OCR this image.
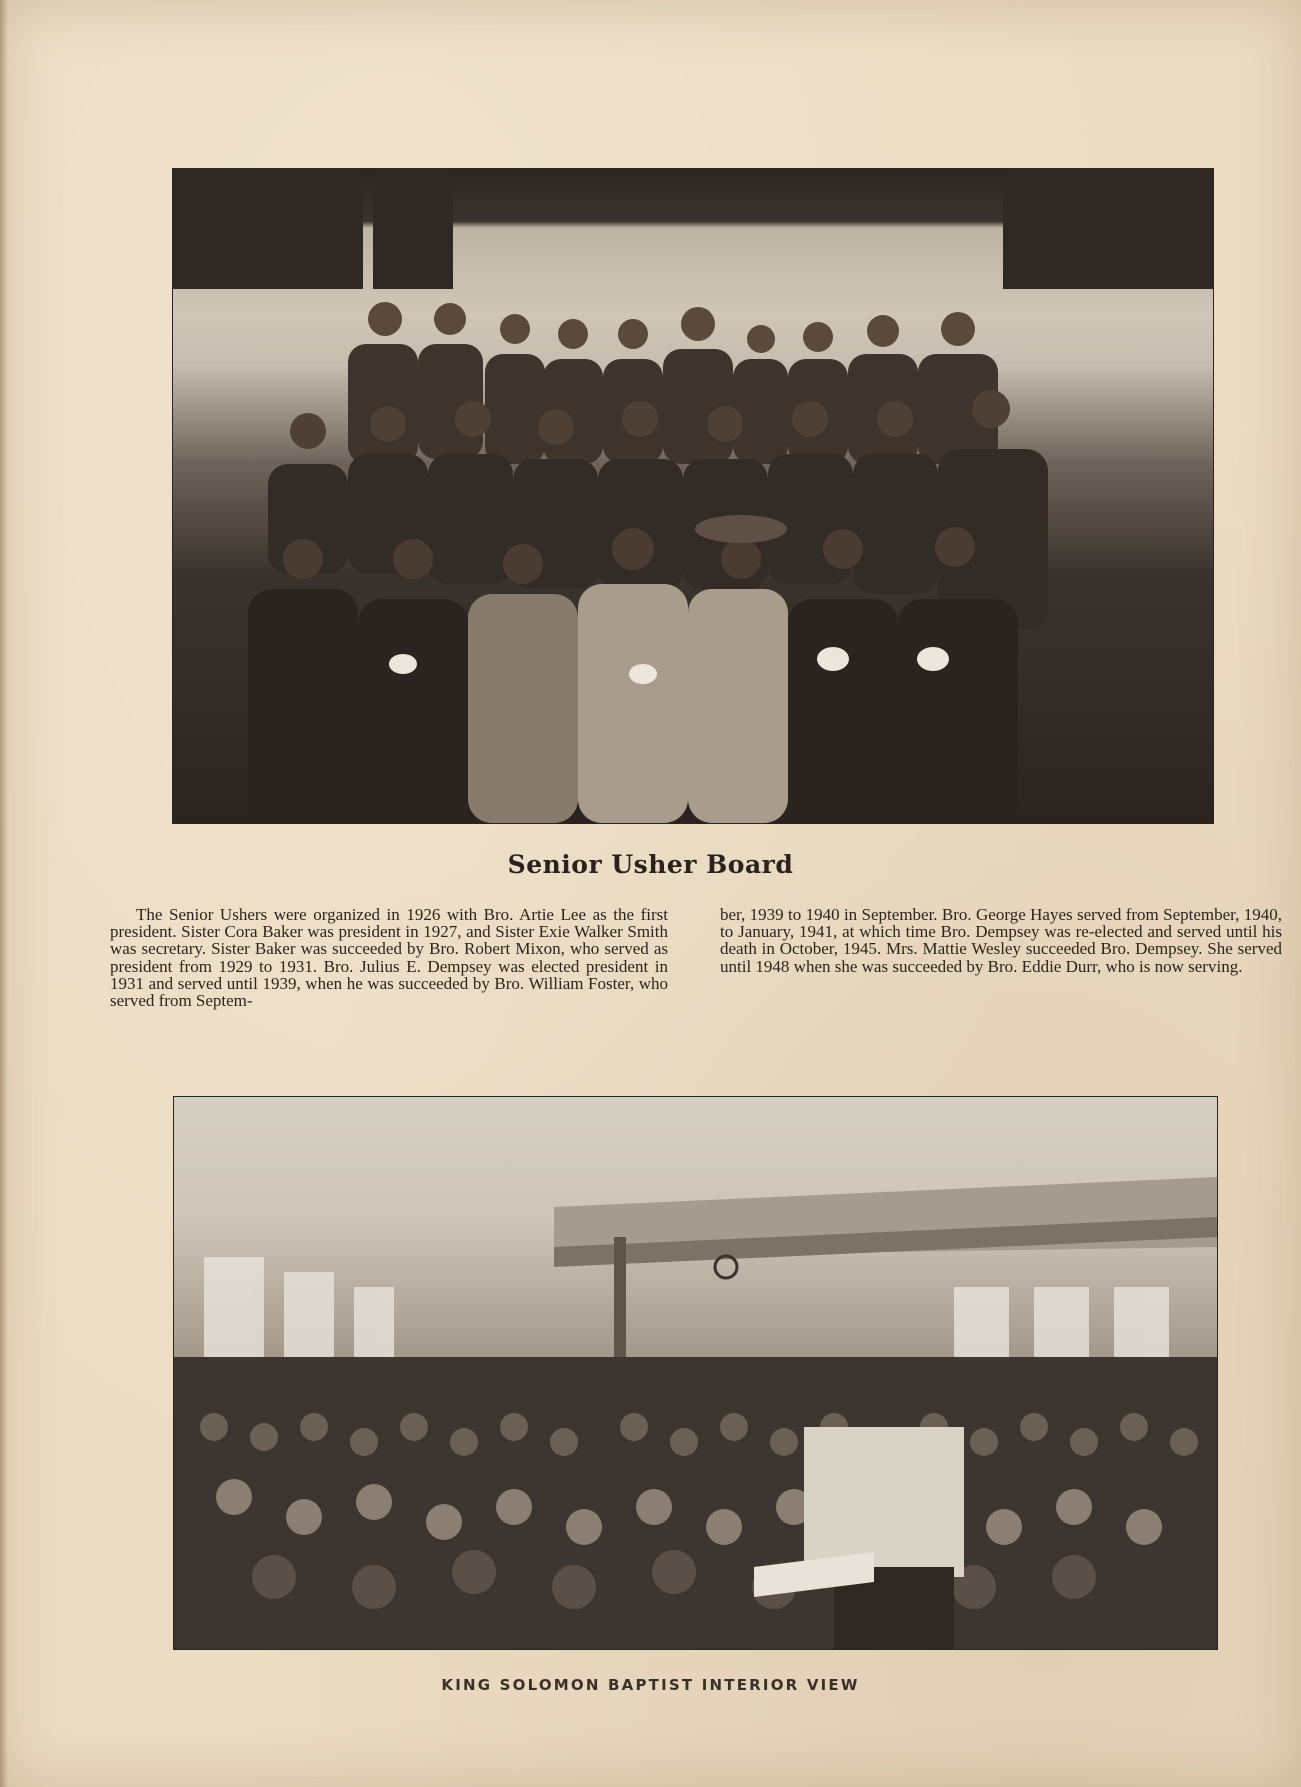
Senior Usher Board

The Senior Ushers were organized in 1926 with Bro. Artie Lee as the first president. Sister Cora Baker was president in 1927, and Sister Exie Walker Smith was secretary. Sister Baker was succeeded by Bro. Robert Mixon, who served as president from 1929 to 1931. Bro. Julius E. Dempsey was elected president in 1931 and served until 1939, when he was succeeded by Bro. William Foster, who served from Septem-

ber, 1939 to 1940 in September. Bro. George Hayes served from September, 1940, to January, 1941, at which time Bro. Dempsey was re-elected and served until his death in October, 1945. Mrs. Mattie Wesley succeeded Bro. Dempsey. She served until 1948 when she was succeeded by Bro. Eddie Durr, who is now serving.

KING SOLOMON BAPTIST INTERIOR VIEW
